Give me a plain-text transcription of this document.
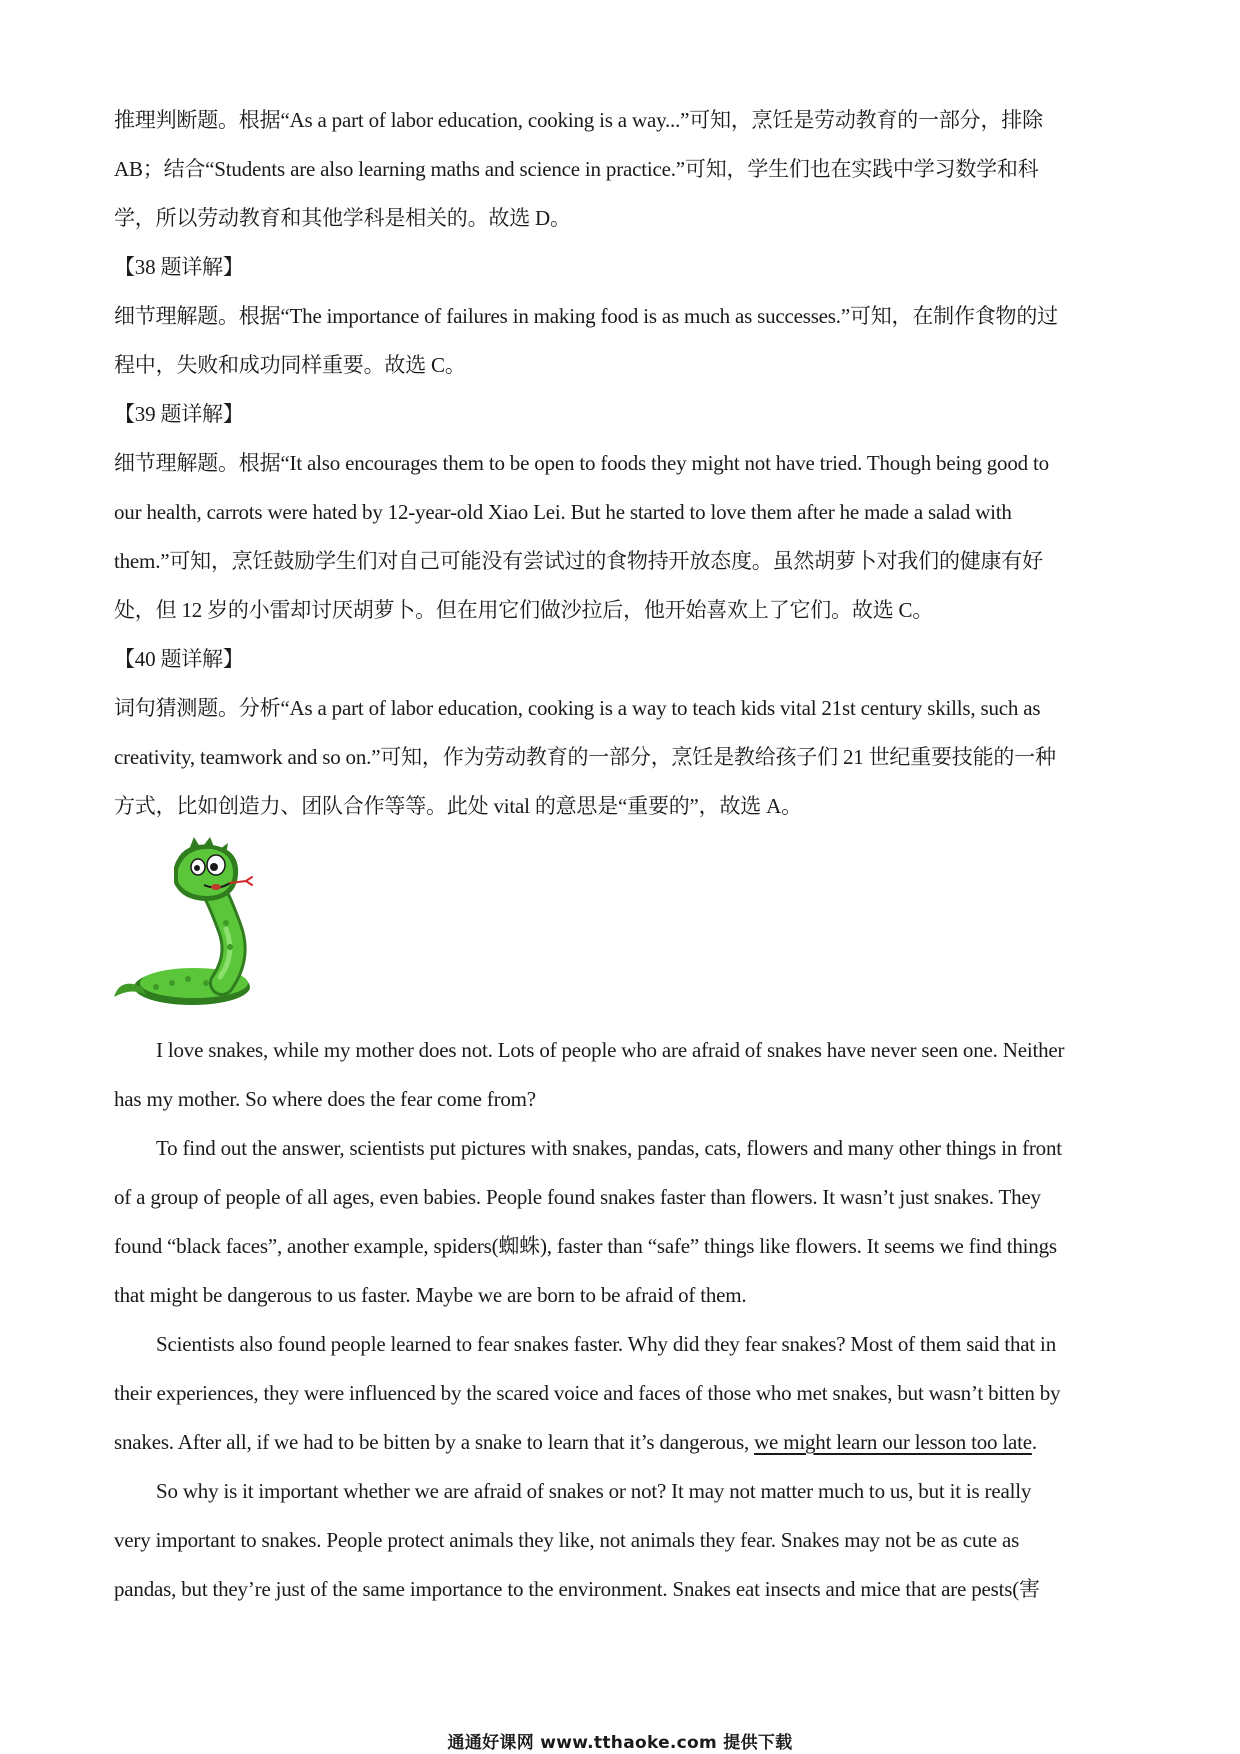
推理判断题。根据“As a part of labor education, cooking is a way...”可知，烹饪是劳动教育的一部分，排除
AB；结合“Students are also learning maths and science in practice.”可知，学生们也在实践中学习数学和科
学，所以劳动教育和其他学科是相关的。故选 D。
【38 题详解】
细节理解题。根据“The importance of failures in making food is as much as successes.”可知，在制作食物的过
程中，失败和成功同样重要。故选 C。
【39 题详解】
细节理解题。根据“It also encourages them to be open to foods they might not have tried. Though being good to
our health, carrots were hated by 12-year-old Xiao Lei. But he started to love them after he made a salad with
them.”可知，烹饪鼓励学生们对自己可能没有尝试过的食物持开放态度。虽然胡萝卜对我们的健康有好
处，但 12 岁的小雷却讨厌胡萝卜。但在用它们做沙拉后，他开始喜欢上了它们。故选 C。
【40 题详解】
词句猜测题。分析“As a part of labor education, cooking is a way to teach kids vital 21st century skills, such as
creativity, teamwork and so on.”可知，作为劳动教育的一部分，烹饪是教给孩子们 21 世纪重要技能的一种
方式，比如创造力、团队合作等等。此处 vital 的意思是“重要的”，故选 A。
I love snakes, while my mother does not. Lots of people who are afraid of snakes have never seen one. Neither
has my mother. So where does the fear come from?
To find out the answer, scientists put pictures with snakes, pandas, cats, flowers and many other things in front
of a group of people of all ages, even babies. People found snakes faster than flowers. It wasn’t just snakes. They
found “black faces”, another example, spiders(蜘蛛), faster than “safe” things like flowers. It seems we find things
that might be dangerous to us faster. Maybe we are born to be afraid of them.
Scientists also found people learned to fear snakes faster. Why did they fear snakes? Most of them said that in
their experiences, they were influenced by the scared voice and faces of those who met snakes, but wasn’t bitten by
snakes. After all, if we had to be bitten by a snake to learn that it’s dangerous, we might learn our lesson too late.
So why is it important whether we are afraid of snakes or not? It may not matter much to us, but it is really
very important to snakes. People protect animals they like, not animals they fear. Snakes may not be as cute as
pandas, but they’re just of the same importance to the environment. Snakes eat insects and mice that are pests(害
通通好课网 www.tthaoke.com 提供下载
